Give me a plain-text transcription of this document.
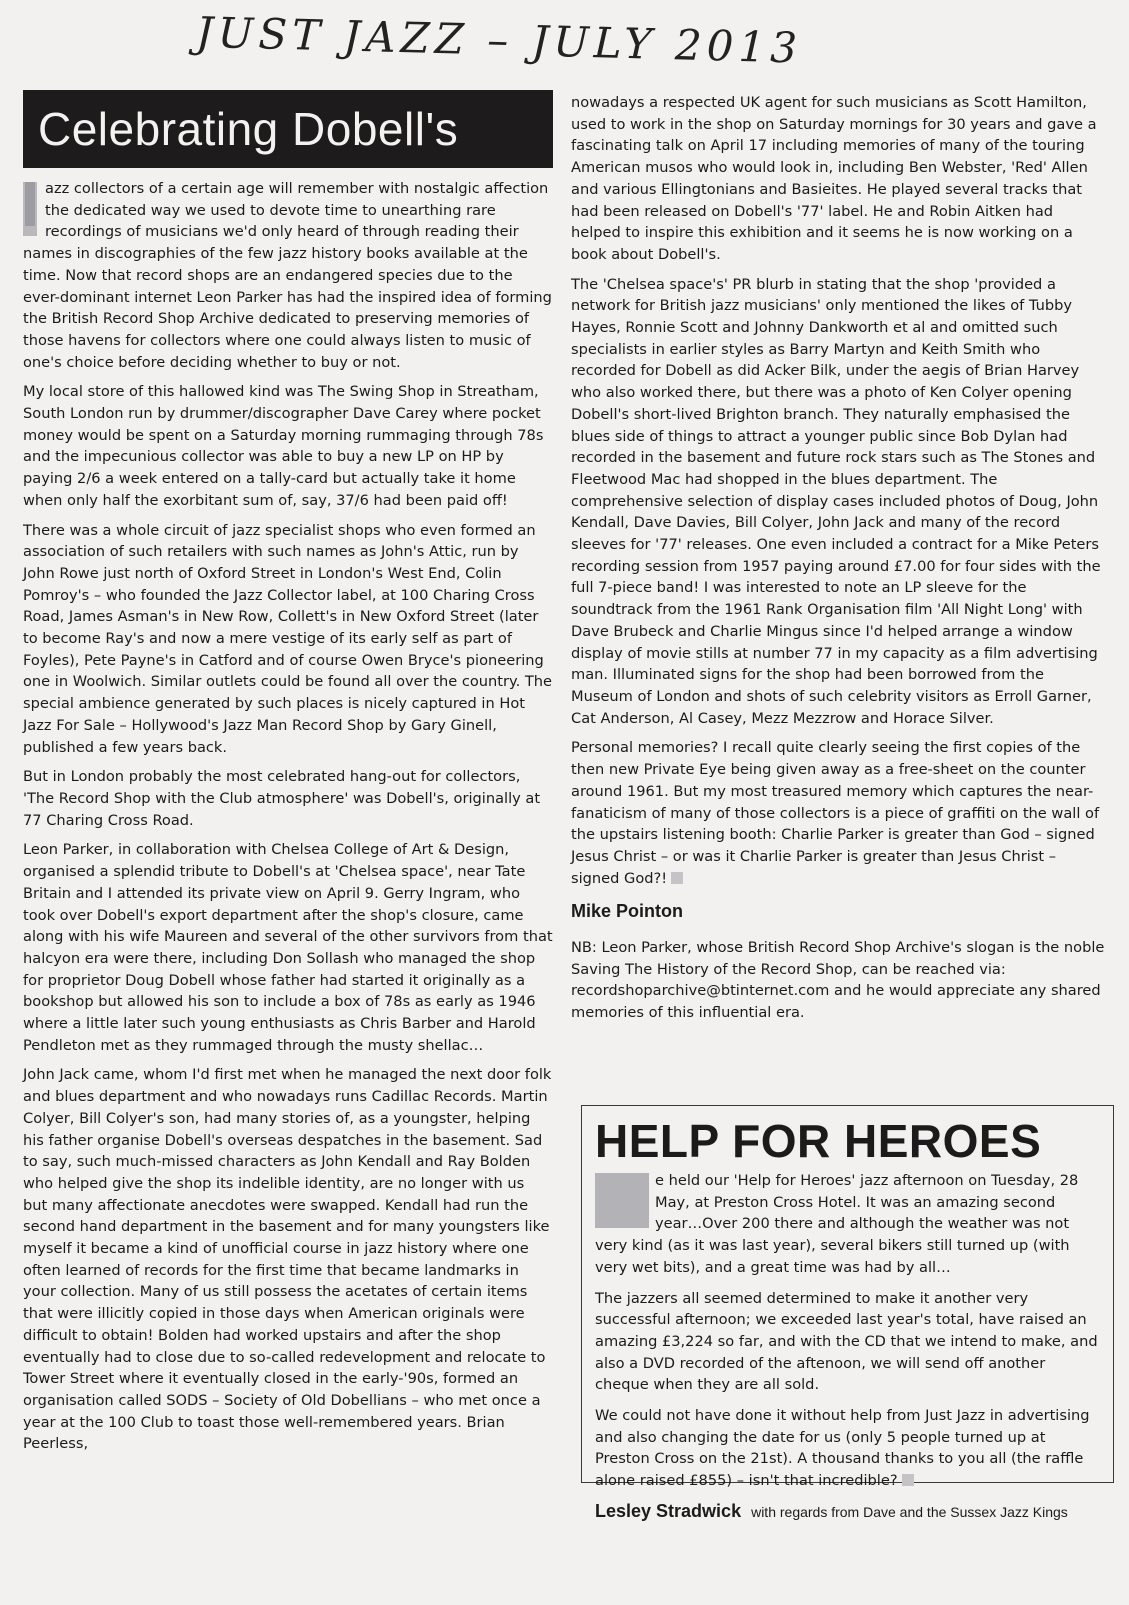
JUST JAZZ – JULY 2013
Celebrating Dobell's

azz collectors of a certain age will remember with nostalgic affection the dedicated way we used to devote time to unearthing rare recordings of musicians we'd only heard of through reading their names in discographies of the few jazz history books available at the time. Now that record shops are an endangered species due to the ever-dominant internet Leon Parker has had the inspired idea of forming the British Record Shop Archive dedicated to preserving memories of those havens for collectors where one could always listen to music of one's choice before deciding whether to buy or not.

My local store of this hallowed kind was The Swing Shop in Streatham, South London run by drummer/discographer Dave Carey where pocket money would be spent on a Saturday morning rummaging through 78s and the impecunious collector was able to buy a new LP on HP by paying 2/6 a week entered on a tally-card but actually take it home when only half the exorbitant sum of, say, 37/6 had been paid off!

There was a whole circuit of jazz specialist shops who even formed an association of such retailers with such names as John's Attic, run by John Rowe just north of Oxford Street in London's West End, Colin Pomroy's – who founded the Jazz Collector label, at 100 Charing Cross Road, James Asman's in New Row, Collett's in New Oxford Street (later to become Ray's and now a mere vestige of its early self as part of Foyles), Pete Payne's in Catford and of course Owen Bryce's pioneering one in Woolwich. Similar outlets could be found all over the country. The special ambience generated by such places is nicely captured in Hot Jazz For Sale – Hollywood's Jazz Man Record Shop by Gary Ginell, published a few years back.

But in London probably the most celebrated hang-out for collectors, 'The Record Shop with the Club atmosphere' was Dobell's, originally at 77 Charing Cross Road.

Leon Parker, in collaboration with Chelsea College of Art & Design, organised a splendid tribute to Dobell's at 'Chelsea space', near Tate Britain and I attended its private view on April 9. Gerry Ingram, who took over Dobell's export department after the shop's closure, came along with his wife Maureen and several of the other survivors from that halcyon era were there, including Don Sollash who managed the shop for proprietor Doug Dobell whose father had started it originally as a bookshop but allowed his son to include a box of 78s as early as 1946 where a little later such young enthusiasts as Chris Barber and Harold Pendleton met as they rummaged through the musty shellac…

John Jack came, whom I'd first met when he managed the next door folk and blues department and who nowadays runs Cadillac Records. Martin Colyer, Bill Colyer's son, had many stories of, as a youngster, helping his father organise Dobell's overseas despatches in the basement. Sad to say, such much-missed characters as John Kendall and Ray Bolden who helped give the shop its indelible identity, are no longer with us but many affectionate anecdotes were swapped. Kendall had run the second hand department in the basement and for many youngsters like myself it became a kind of unofficial course in jazz history where one often learned of records for the first time that became landmarks in your collection. Many of us still possess the acetates of certain items that were illicitly copied in those days when American originals were difficult to obtain! Bolden had worked upstairs and after the shop eventually had to close due to so-called redevelopment and relocate to Tower Street where it eventually closed in the early-'90s, formed an organisation called SODS – Society of Old Dobellians – who met once a year at the 100 Club to toast those well-remembered years. Brian Peerless,

nowadays a respected UK agent for such musicians as Scott Hamilton, used to work in the shop on Saturday mornings for 30 years and gave a fascinating talk on April 17 including memories of many of the touring American musos who would look in, including Ben Webster, 'Red' Allen and various Ellingtonians and Basieites. He played several tracks that had been released on Dobell's '77' label. He and Robin Aitken had helped to inspire this exhibition and it seems he is now working on a book about Dobell's.

The 'Chelsea space's' PR blurb in stating that the shop 'provided a network for British jazz musicians' only mentioned the likes of Tubby Hayes, Ronnie Scott and Johnny Dankworth et al and omitted such specialists in earlier styles as Barry Martyn and Keith Smith who recorded for Dobell as did Acker Bilk, under the aegis of Brian Harvey who also worked there, but there was a photo of Ken Colyer opening Dobell's short-lived Brighton branch. They naturally emphasised the blues side of things to attract a younger public since Bob Dylan had recorded in the basement and future rock stars such as The Stones and Fleetwood Mac had shopped in the blues department. The comprehensive selection of display cases included photos of Doug, John Kendall, Dave Davies, Bill Colyer, John Jack and many of the record sleeves for '77' releases. One even included a contract for a Mike Peters recording session from 1957 paying around £7.00 for four sides with the full 7-piece band! I was interested to note an LP sleeve for the soundtrack from the 1961 Rank Organisation film 'All Night Long' with Dave Brubeck and Charlie Mingus since I'd helped arrange a window display of movie stills at number 77 in my capacity as a film advertising man. Illuminated signs for the shop had been borrowed from the Museum of London and shots of such celebrity visitors as Erroll Garner, Cat Anderson, Al Casey, Mezz Mezzrow and Horace Silver.

Personal memories? I recall quite clearly seeing the first copies of the then new Private Eye being given away as a free-sheet on the counter around 1961. But my most treasured memory which captures the near-fanaticism of many of those collectors is a piece of graffiti on the wall of the upstairs listening booth: Charlie Parker is greater than God – signed Jesus Christ – or was it Charlie Parker is greater than Jesus Christ – signed God?!

Mike Pointon

NB: Leon Parker, whose British Record Shop Archive's slogan is the noble Saving The History of the Record Shop, can be reached via: recordshoparchive@btinternet.com and he would appreciate any shared memories of this influential era.

HELP FOR HEROES

e held our 'Help for Heroes' jazz afternoon on Tuesday, 28 May, at Preston Cross Hotel. It was an amazing second year…Over 200 there and although the weather was not very kind (as it was last year), several bikers still turned up (with very wet bits), and a great time was had by all…

The jazzers all seemed determined to make it another very successful afternoon; we exceeded last year's total, have raised an amazing £3,224 so far, and with the CD that we intend to make, and also a DVD recorded of the aftenoon, we will send off another cheque when they are all sold.

We could not have done it without help from Just Jazz in advertising and also changing the date for us (only 5 people turned up at Preston Cross on the 21st). A thousand thanks to you all (the raffle alone raised £855) – isn't that incredible?

Lesley Stradwick with regards from Dave and the Sussex Jazz Kings
